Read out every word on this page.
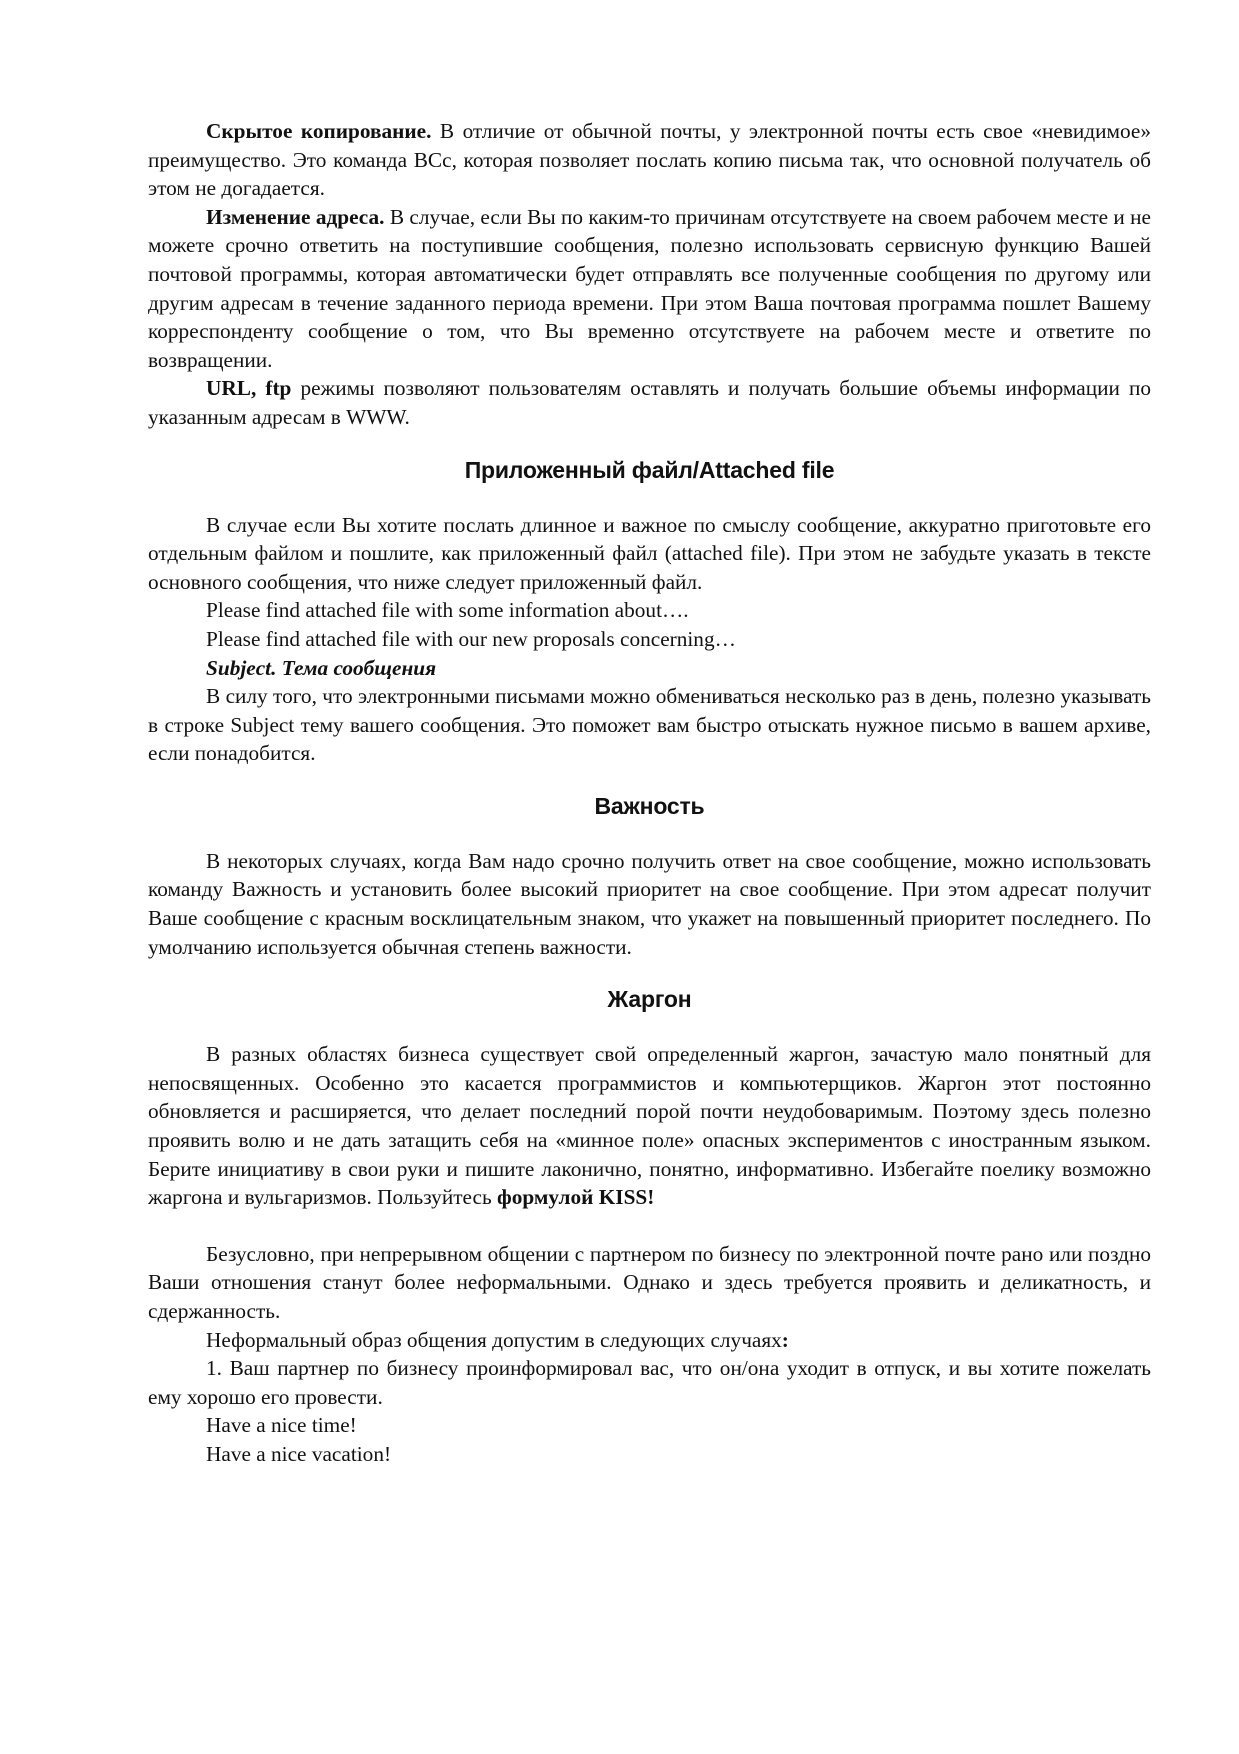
Скрытое копирование. В отличие от обычной почты, у электронной почты есть свое «невидимое» преимущество. Это команда BCc, которая позволяет послать копию письма так, что основной получатель об этом не догадается.

Изменение адреса. В случае, если Вы по каким-то причинам отсутствуете на своем рабочем месте и не можете срочно ответить на поступившие сообщения, полезно использовать сервисную функцию Вашей почтовой программы, которая автоматически будет отправлять все полученные сообщения по другому или другим адресам в течение заданного периода времени. При этом Ваша почтовая программа пошлет Вашему корреспонденту сообщение о том, что Вы временно отсутствуете на рабочем месте и ответите по возвращении.

URL, ftp режимы позволяют пользователям оставлять и получать большие объемы информации по указанным адресам в WWW.

Приложенный файл/Attached file

В случае если Вы хотите послать длинное и важное по смыслу сообщение, аккуратно приготовьте его отдельным файлом и пошлите, как приложенный файл (attached file). При этом не забудьте указать в тексте основного сообщения, что ниже следует приложенный файл.

Please find attached file with some information about….

Please find attached file with our new proposals concerning…

Subject. Тема сообщения

В силу того, что электронными письмами можно обмениваться несколько раз в день, полезно указывать в строке Subject тему вашего сообщения. Это поможет вам быстро отыскать нужное письмо в вашем архиве, если понадобится.

Важность

В некоторых случаях, когда Вам надо срочно получить ответ на свое сообщение, можно использовать команду Важность и установить более высокий приоритет на свое сообщение. При этом адресат получит Ваше сообщение с красным восклицательным знаком, что укажет на повышенный приоритет последнего. По умолчанию используется обычная степень важности.

Жаргон

В разных областях бизнеса существует свой определенный жаргон, зачастую мало понятный для непосвященных. Особенно это касается программистов и компьютерщиков. Жаргон этот постоянно обновляется и расширяется, что делает последний порой почти неудобоваримым. Поэтому здесь полезно проявить волю и не дать затащить себя на «минное поле» опасных экспериментов с иностранным языком. Берите инициативу в свои руки и пишите лаконично, понятно, информативно. Избегайте поелику возможно жаргона и вульгаризмов. Пользуйтесь формулой KISS!

Безусловно, при непрерывном общении с партнером по бизнесу по электронной почте рано или поздно Ваши отношения станут более неформальными. Однако и здесь требуется проявить и деликатность, и сдержанность.

Неформальный образ общения допустим в следующих случаях:

1. Ваш партнер по бизнесу проинформировал вас, что он/она уходит в отпуск, и вы хотите пожелать ему хорошо его провести.

Have a nice time!

Have a nice vacation!
